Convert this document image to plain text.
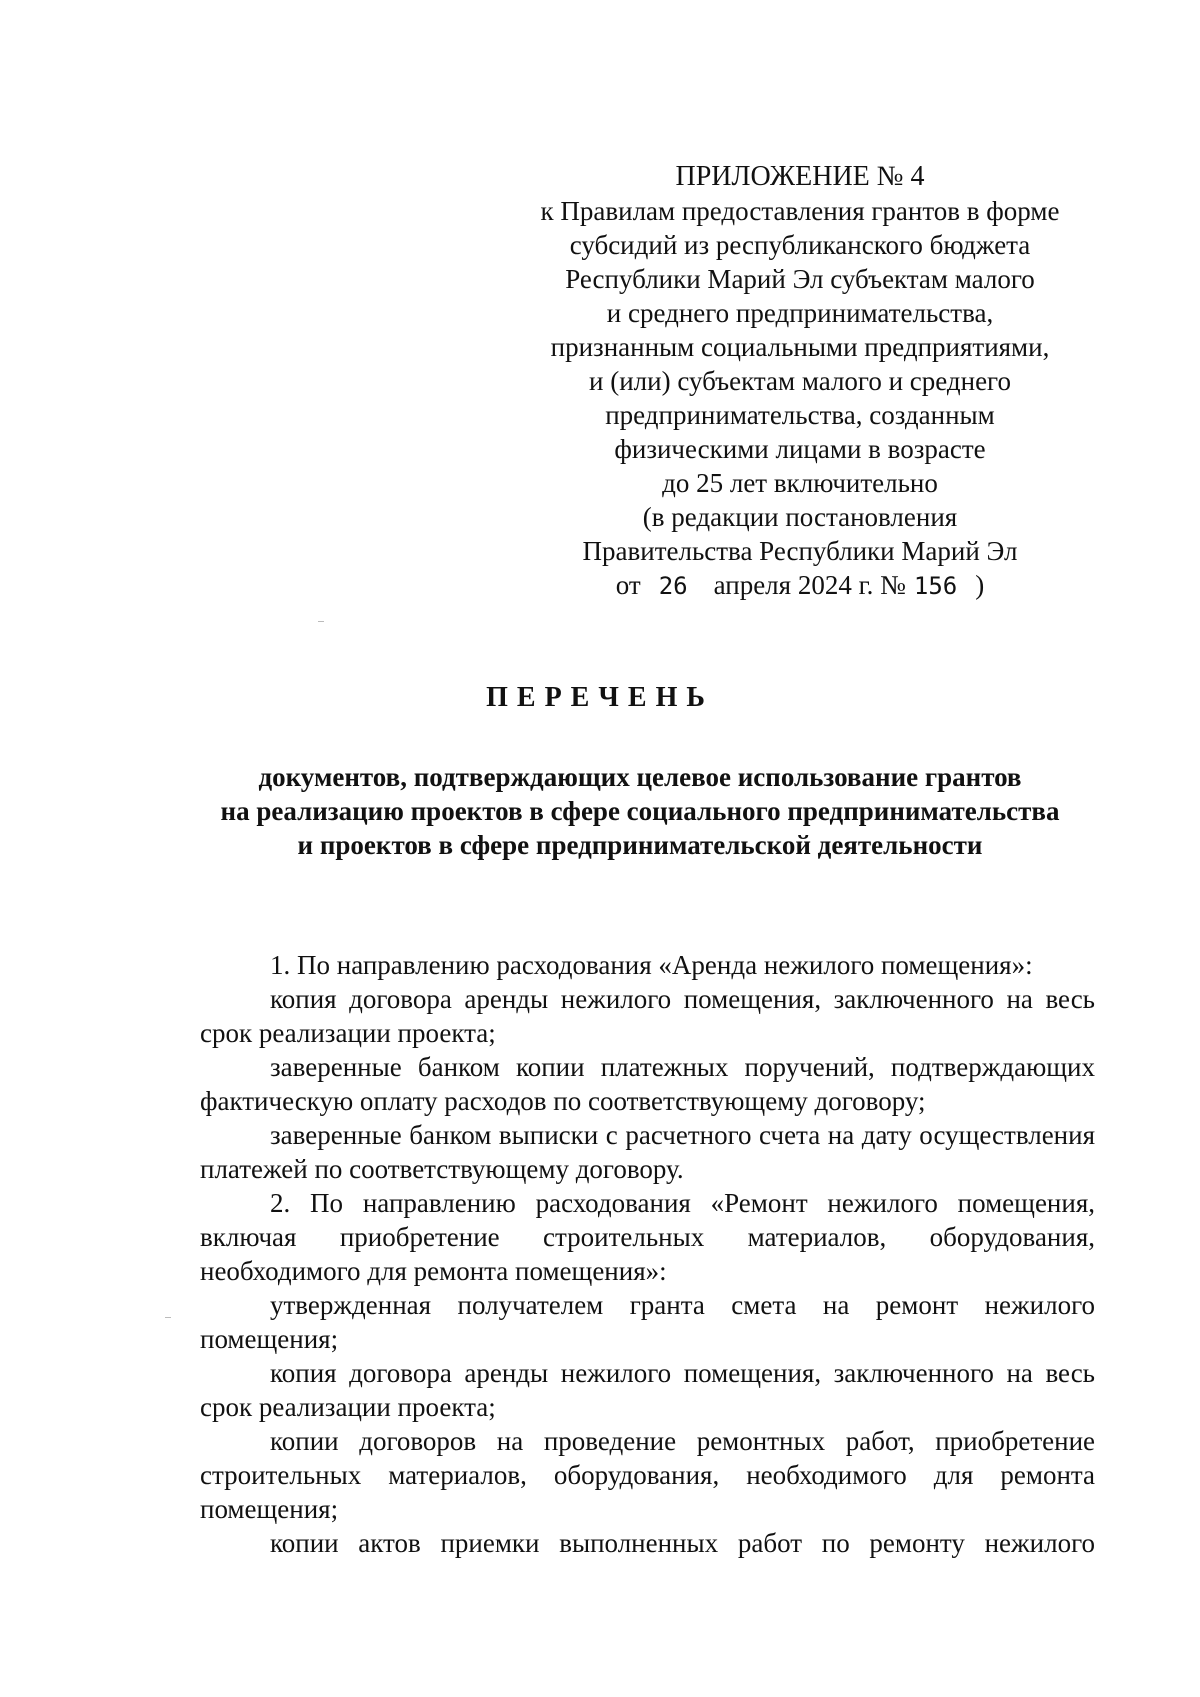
ПРИЛОЖЕНИЕ № 4
к Правилам предоставления грантов в форме
субсидий из республиканского бюджета
Республики Марий Эл субъектам малого
и среднего предпринимательства,
признанным социальными предприятиями,
и (или) субъектам малого и среднего
предпринимательства, созданным
физическими лицами в возрасте
до 25 лет включительно
(в редакции постановления
Правительства Республики Марий Эл
от 26 апреля 2024 г. № 156 )
ПЕРЕЧЕНЬ
документов, подтверждающих целевое использование грантов
на реализацию проектов в сфере социального предпринимательства
и проектов в сфере предпринимательской деятельности

1. По направлению расходования «Аренда нежилого помещения»:

копия договора аренды нежилого помещения, заключенного на весь срок реализации проекта;

заверенные банком копии платежных поручений, подтверждающих фактическую оплату расходов по соответствующему договору;

заверенные банком выписки с расчетного счета на дату осуществления платежей по соответствующему договору.

2. По направлению расходования «Ремонт нежилого помещения, включая приобретение строительных материалов, оборудования, необходимого для ремонта помещения»:

утвержденная получателем гранта смета на ремонт нежилого помещения;

копия договора аренды нежилого помещения, заключенного на весь срок реализации проекта;

копии договоров на проведение ремонтных работ, приобретение строительных материалов, оборудования, необходимого для ремонта помещения;

копии актов приемки выполненных работ по ремонту нежилого
